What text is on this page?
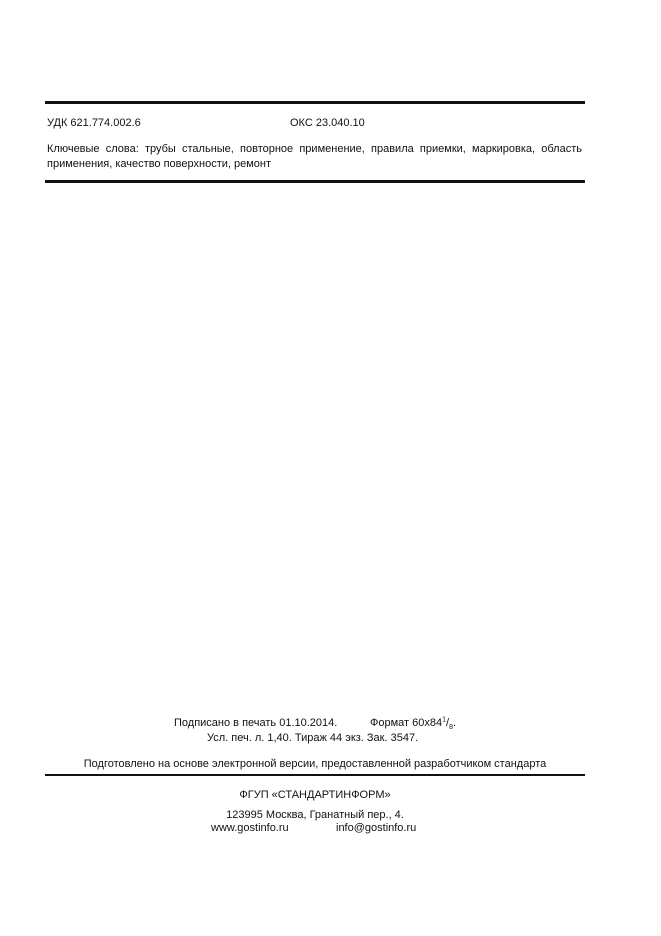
УДК 621.774.002.6	ОКС 23.040.10
Ключевые слова: трубы стальные, повторное применение, правила приемки, маркировка, область применения, качество поверхности, ремонт
Подписано в печать 01.10.2014.	Формат $60x84^1/_8$.
Усл. печ. л. 1,40. Тираж 44 экз. Зак. 3547.
Подготовлено на основе электронной версии, предоставленной разработчиком стандарта
ФГУП «СТАНДАРТИНФОРМ»
123995 Москва, Гранатный пер., 4.
www.gostinfo.ru	info@gostinfo.ru
